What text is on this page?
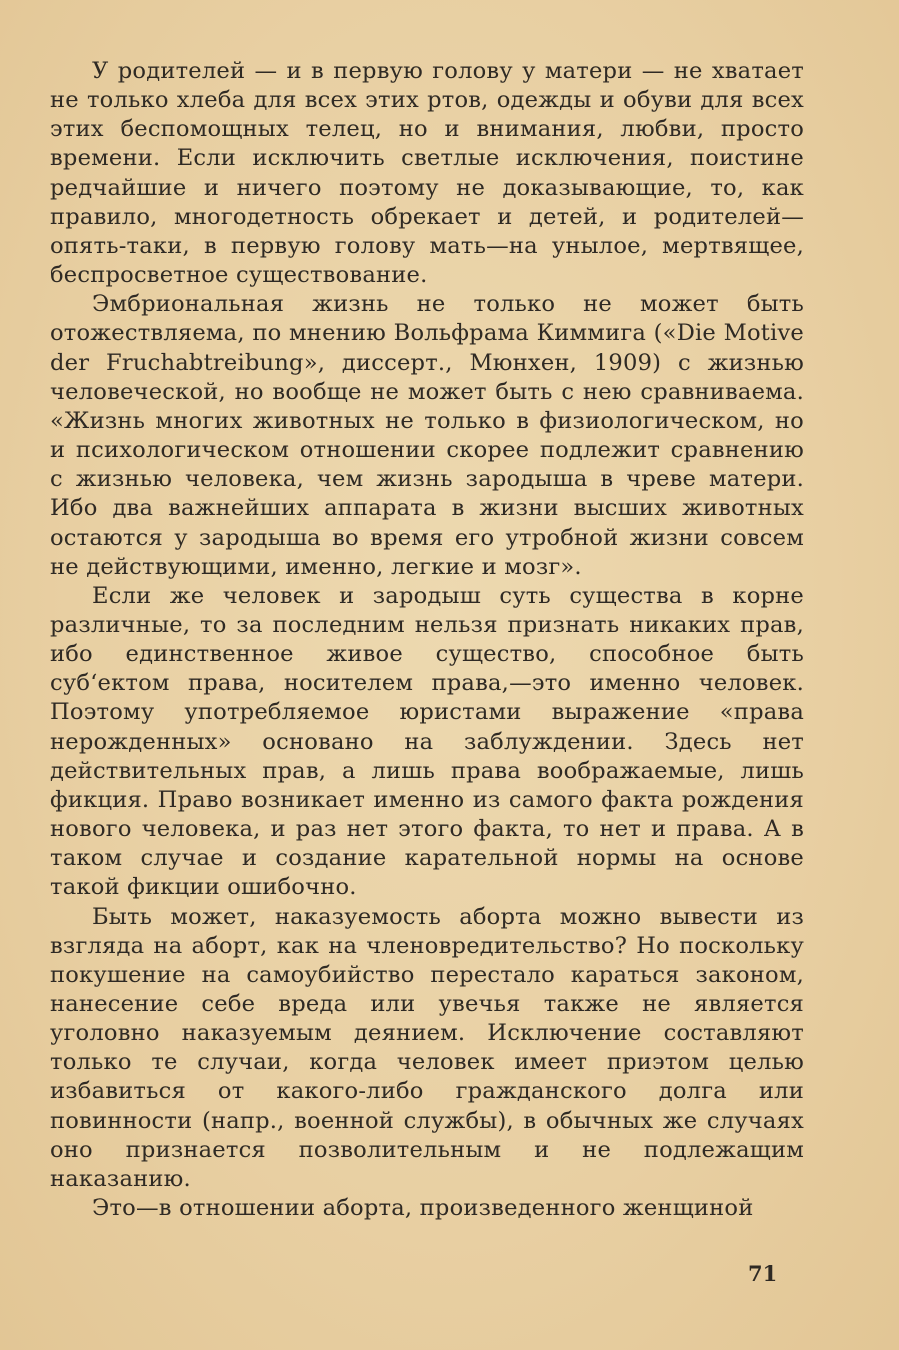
У родителей — и в первую голову у матери — не хватает не только хлеба для всех этих ртов, одежды и обуви для всех этих беспомощных телец, но и внимания, любви, просто времени. Если исключить светлые исключения, поистине редчайшие и ничего поэтому не доказывающие, то, как правило, многодетность обрекает и детей, и родителей—опять-таки, в первую голову мать—на унылое, мертвящее, беспросветное существование.

Эмбриональная жизнь не только не может быть отожествляема, по мнению Вольфрама Киммига («Die Motive der Fruchabtreibung», диссерт., Мюнхен, 1909) с жизнью человеческой, но вообще не может быть с нею сравниваема. «Жизнь многих животных не только в физиологическом, но и психологическом отношении скорее подлежит сравнению с жизнью человека, чем жизнь зародыша в чреве матери. Ибо два важнейших аппарата в жизни высших животных остаются у зародыша во время его утробной жизни совсем не действующими, именно, легкие и мозг».

Если же человек и зародыш суть существа в корне различные, то за последним нельзя признать никаких прав, ибо единственное живое существо, способное быть суб‘ектом права, носителем права,—это именно человек. Поэтому употребляемое юристами выражение «права нерожденных» основано на заблуждении. Здесь нет действительных прав, а лишь права воображаемые, лишь фикция. Право возникает именно из самого факта рождения нового человека, и раз нет этого факта, то нет и права. А в таком случае и создание карательной нормы на основе такой фикции ошибочно.

Быть может, наказуемость аборта можно вывести из взгляда на аборт, как на членовредительство? Но поскольку покушение на самоубийство перестало караться законом, нанесение себе вреда или увечья также не является уголовно наказуемым деянием. Исключение составляют только те случаи, когда человек имеет приэтом целью избавиться от какого-либо гражданского долга или повинности (напр., военной службы), в обычных же случаях оно признается позволительным и не подлежащим наказанию.

Это—в отношении аборта, произведенного женщиной

71
